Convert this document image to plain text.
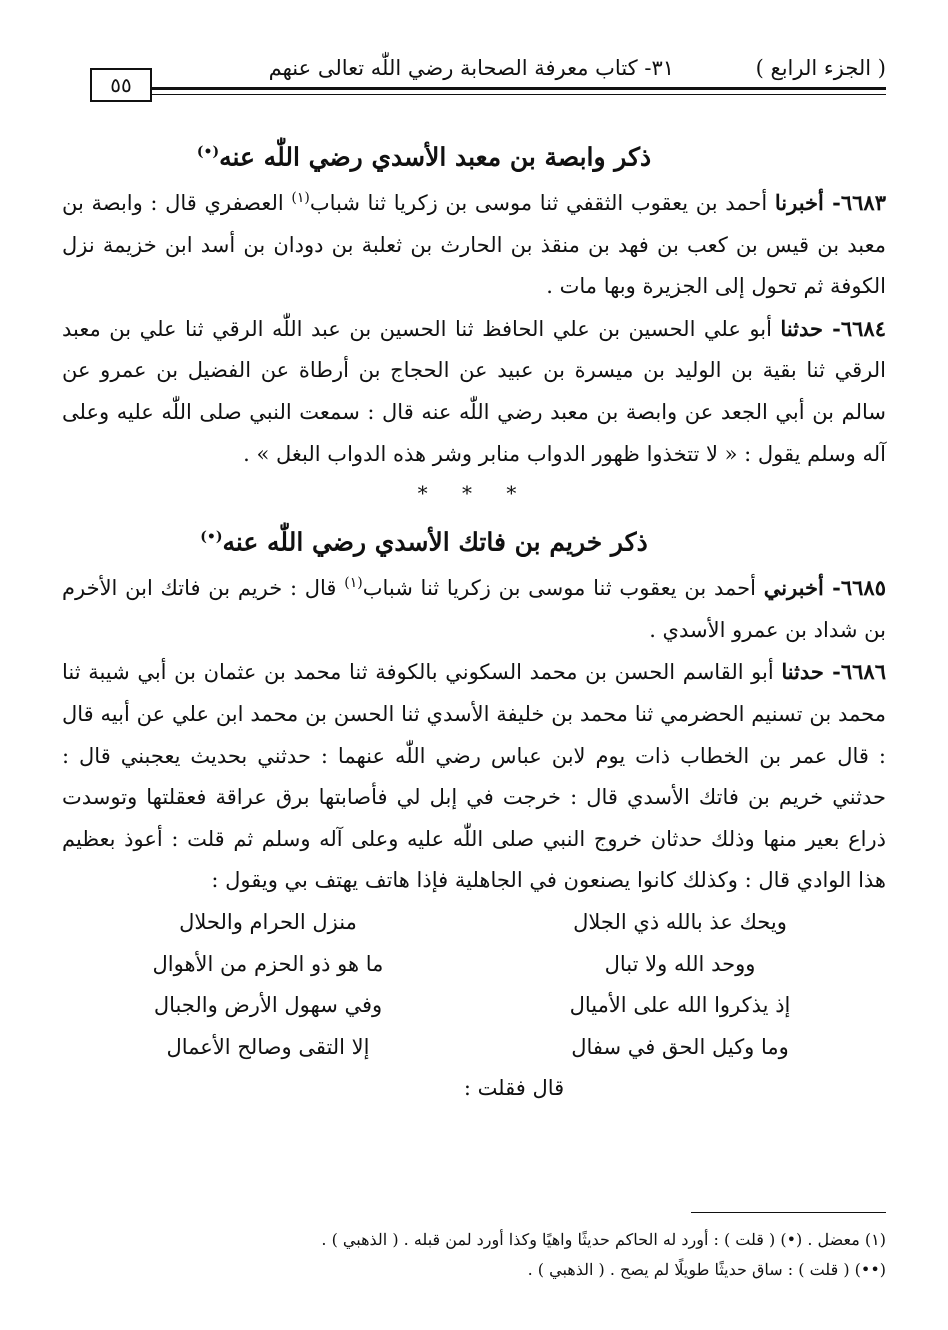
( الجزء الرابع )
٣١- كتاب معرفة الصحابة رضي اللّٰه تعالى عنهم
٥٥
ذكر وابصة بن معبد الأسدي رضي اللّٰه عنه(•)

٦٦٨٣- أخبرنا أحمد بن يعقوب الثقفي ثنا موسى بن زكريا ثنا شباب$^{(١)}$ العصفري قال : وابصة بن معبد بن قيس بن كعب بن فهد بن منقذ بن الحارث بن ثعلبة بن دودان بن أسد ابن خزيمة نزل الكوفة ثم تحول إلى الجزيرة وبها مات .

٦٦٨٤- حدثنا أبو علي الحسين بن علي الحافظ ثنا الحسين بن عبد اللّٰه الرقي ثنا علي بن معبد الرقي ثنا بقية بن الوليد بن ميسرة بن عبيد عن الحجاج بن أرطاة عن الفضيل بن عمرو عن سالم بن أبي الجعد عن وابصة بن معبد رضي اللّٰه عنه قال : سمعت النبي صلى اللّٰه عليه وعلى آله وسلم يقول : « لا تتخذوا ظهور الدواب منابر وشر هذه الدواب البغل » .

* * *
ذكر خريم بن فاتك الأسدي رضي اللّٰه عنه(•)

٦٦٨٥- أخبرني أحمد بن يعقوب ثنا موسى بن زكريا ثنا شباب$^{(١)}$ قال : خريم بن فاتك ابن الأخرم بن شداد بن عمرو الأسدي .

٦٦٨٦- حدثنا أبو القاسم الحسن بن محمد السكوني بالكوفة ثنا محمد بن عثمان بن أبي شيبة ثنا محمد بن تسنيم الحضرمي ثنا محمد بن خليفة الأسدي ثنا الحسن بن محمد ابن علي عن أبيه قال : قال عمر بن الخطاب ذات يوم لابن عباس رضي اللّٰه عنهما : حدثني بحديث يعجبني قال : حدثني خريم بن فاتك الأسدي قال : خرجت في إبل لي فأصابتها برق عراقة فعقلتها وتوسدت ذراع بعير منها وذلك حدثان خروج النبي صلى اللّٰه عليه وعلى آله وسلم ثم قلت : أعوذ بعظيم هذا الوادي قال : وكذلك كانوا يصنعون في الجاهلية فإذا هاتف يهتف بي ويقول :

ويحك عذ بالله ذي الجلال
منزل الحرام والحلال
ووحد الله ولا تبال
ما هو ذو الحزم من الأهوال
إذ يذكروا الله على الأميال
وفي سهول الأرض والجبال
وما وكيل الحق في سفال
إلا التقى وصالح الأعمال
قال فقلت :

(١) معضل . (•) ( قلت ) : أورد له الحاكم حديثًا واهيًا وكذا أورد لمن قبله . ( الذهبي ) .

(••) ( قلت ) : ساق حديثًا طويلًا لم يصح . ( الذهبي ) .
